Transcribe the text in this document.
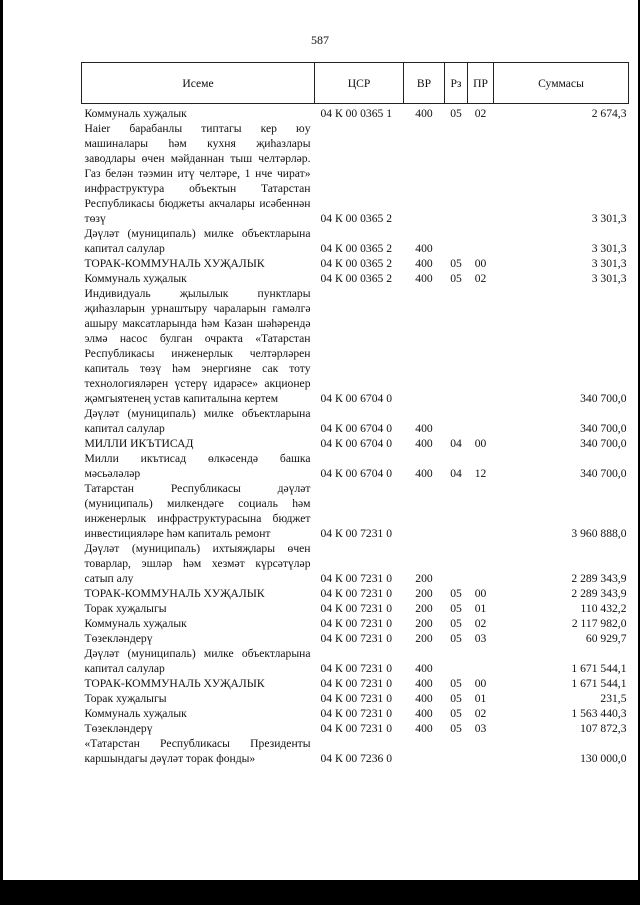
587
Исеме	ЦСР	ВР	Рз	ПР	Суммасы
Коммуналь хуҗалык	04 К 00 0365 1	400	05	02	2 674,3
Haier барабанлы типтагы кер юу машиналары һәм кухня җиһазлары заводлары өчен мәйданнан тыш челтәрләр. Газ белән тәэмин итү челтәре, 1 нче чират» инфраструктура объектын Татарстан Республикасы бюджеты акчалары исәбеннән төзү	04 К 00 0365 2				3 301,3
Дәүләт (муниципаль) милке объектларына капитал салулар	04 К 00 0365 2	400			3 301,3
ТОРАК-КОММУНАЛЬ ХУҖАЛЫК	04 К 00 0365 2	400	05	00	3 301,3
Коммуналь хуҗалык	04 К 00 0365 2	400	05	02	3 301,3
Индивидуаль җылылык пунктлары җиһазларын урнаштыру чараларын гамәлгә ашыру максатларында һәм Казан шәһәрендә элмә насос булган очракта «Татарстан Республикасы инженерлык челтәрләрен капиталь төзү һәм энергияне сак тоту технологияләрен үстерү идарәсе» акционер җәмгыятенең устав капиталына кертем	04 К 00 6704 0				340 700,0
Дәүләт (муниципаль) милке объектларына капитал салулар	04 К 00 6704 0	400			340 700,0
МИЛЛИ ИКЪТИСАД	04 К 00 6704 0	400	04	00	340 700,0
Милли икътисад өлкәсендә башка мәсьәләләр	04 К 00 6704 0	400	04	12	340 700,0
Татарстан Республикасы дәүләт (муниципаль) милкендәге социаль һәм инженерлык инфраструктурасына бюджет инвестицияләре һәм капиталь ремонт	04 К 00 7231 0				3 960 888,0
Дәүләт (муниципаль) ихтыяҗлары өчен товарлар, эшләр һәм хезмәт күрсәтүләр сатып алу	04 К 00 7231 0	200			2 289 343,9
ТОРАК-КОММУНАЛЬ ХУҖАЛЫК	04 К 00 7231 0	200	05	00	2 289 343,9
Торак хуҗалыгы	04 К 00 7231 0	200	05	01	110 432,2
Коммуналь хуҗалык	04 К 00 7231 0	200	05	02	2 117 982,0
Төзекләндерү	04 К 00 7231 0	200	05	03	60 929,7
Дәүләт (муниципаль) милке объектларына капитал салулар	04 К 00 7231 0	400			1 671 544,1
ТОРАК-КОММУНАЛЬ ХУҖАЛЫК	04 К 00 7231 0	400	05	00	1 671 544,1
Торак хуҗалыгы	04 К 00 7231 0	400	05	01	231,5
Коммуналь хуҗалык	04 К 00 7231 0	400	05	02	1 563 440,3
Төзекләндерү	04 К 00 7231 0	400	05	03	107 872,3
«Татарстан Республикасы Президенты каршындагы дәүләт торак фонды»	04 К 00 7236 0				130 000,0
